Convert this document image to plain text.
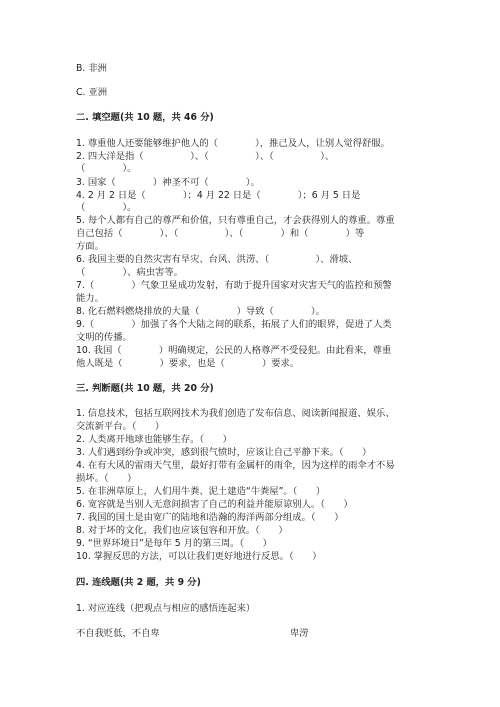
B. 非洲
C. 亚洲
二. 填空题(共 10 题，共 46 分)
1. 尊重他人还要能够维护他人的（　　　　），推己及人，让别人觉得舒服。
2. 四大洋是指（　　　　　）、（　　　　　）、（　　　　　）、
（　　　　）。
3. 国家（　　　　）神圣不可（　　　　）。
4. 2 月 2 日是（　　　　）；4 月 22 日是（　　　　）；6 月 5 日是
（　　　　）。
5. 每个人都有自己的尊严和价值，只有尊重自己，才会获得别人的尊重。尊重
自己包括（　　　　）、（　　　　　）、（　　　　）和（　　　　）等
方面。
6. 我国主要的自然灾害有旱灾、台风、洪涝、（　　　　　）、滑坡、
（　　　　）、病虫害等。
7.（　　　　）气象卫星成功发射，有助于提升国家对灾害天气的监控和预警
能力。
8. 化石燃料燃烧排放的大量（　　　　）导致（　　　　）。
9.（　　　　）加强了各个大陆之间的联系，拓展了人们的眼界，促进了人类
文明的传播。
10. 我国（　　　　）明确规定，公民的人格尊严不受侵犯。由此看来，尊重
他人既是（　　　　）要求，也是（　　　　）要求。
三. 判断题(共 10 题，共 20 分)
1. 信息技术，包括互联网技术为我们创造了发布信息、阅读新闻报道、娱乐、
交流新平台。（　　）
2. 人类离开地球也能够生存。（　　）
3. 人们遇到纷争或冲突，感到很气愤时，应该让自己平静下来。（　　）
4. 在有大风的雷雨天气里，最好打带有金属杆的雨伞，因为这样的雨伞才不易
损坏。（　　）
5. 在非洲草原上，人们用牛粪、泥土建造“牛粪屋”。（　　）
6. 宽容就是当别人无意间损害了自己的利益并能原谅别人。（　　）
7. 我国的国土是由宽广的陆地和浩瀚的海洋两部分组成。（　　）
8. 对于坏的文化，我们也应该包容和开放。（　　）
9. “世界环境日”是每年 5 月的第三周。（　　）
10. 掌握反思的方法，可以让我们更好地进行反思。（　　）
四. 连线题(共 2 题，共 9 分)
1. 对应连线（把观点与相应的感悟连起来）
不自我贬低，不自卑　　　　　　　　　　　　　　卑涝
